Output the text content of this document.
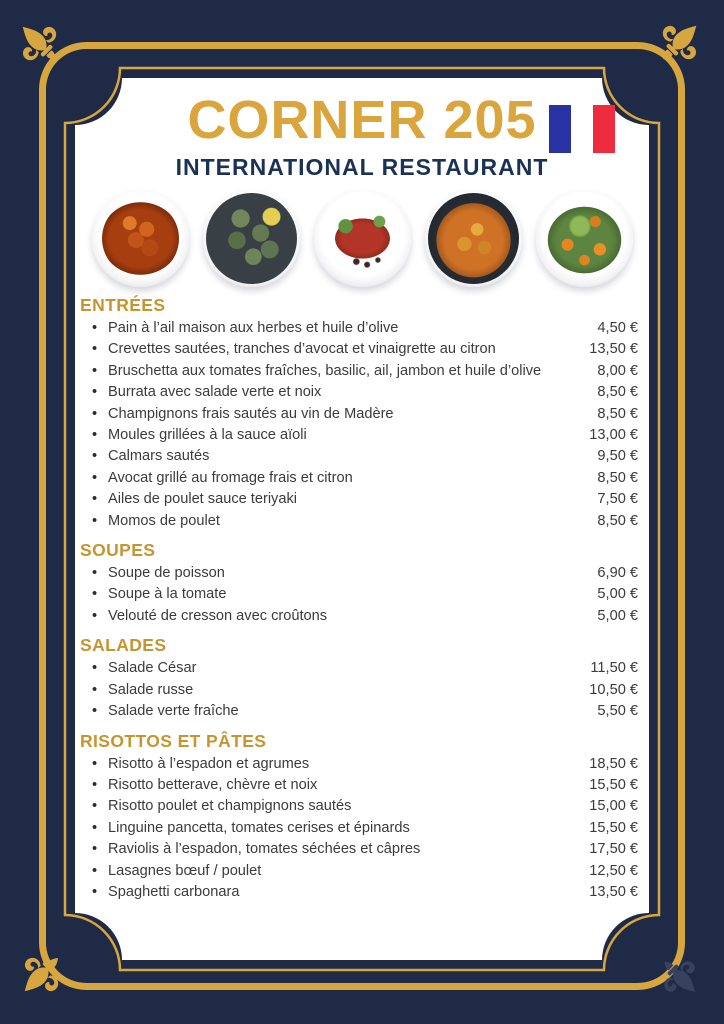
CORNER 205
INTERNATIONAL RESTAURANT
ENTRÉES
• Pain à l’ail maison aux herbes et huile d’olive	4,50 €
• Crevettes sautées, tranches d’avocat et vinaigrette au citron	13,50 €
• Bruschetta aux tomates fraîches, basilic, ail, jambon et huile d’olive	8,00 €
• Burrata avec salade verte et noix	8,50 €
• Champignons frais sautés au vin de Madère	8,50 €
• Moules grillées à la sauce aïoli	13,00 €
• Calmars sautés	9,50 €
• Avocat grillé au fromage frais et citron	8,50 €
• Ailes de poulet sauce teriyaki	7,50 €
• Momos de poulet	8,50 €
SOUPES
• Soupe de poisson	6,90 €
• Soupe à la tomate	5,00 €
• Velouté de cresson avec croûtons	5,00 €
SALADES
• Salade César	11,50 €
• Salade russe	10,50 €
• Salade verte fraîche	5,50 €
RISOTTOS ET PÂTES
• Risotto à l’espadon et agrumes	18,50 €
• Risotto betterave, chèvre et noix	15,50 €
• Risotto poulet et champignons sautés	15,00 €
• Linguine pancetta, tomates cerises et épinards	15,50 €
• Raviolis à l’espadon, tomates séchées et câpres	17,50 €
• Lasagnes bœuf / poulet	12,50 €
• Spaghetti carbonara	13,50 €
